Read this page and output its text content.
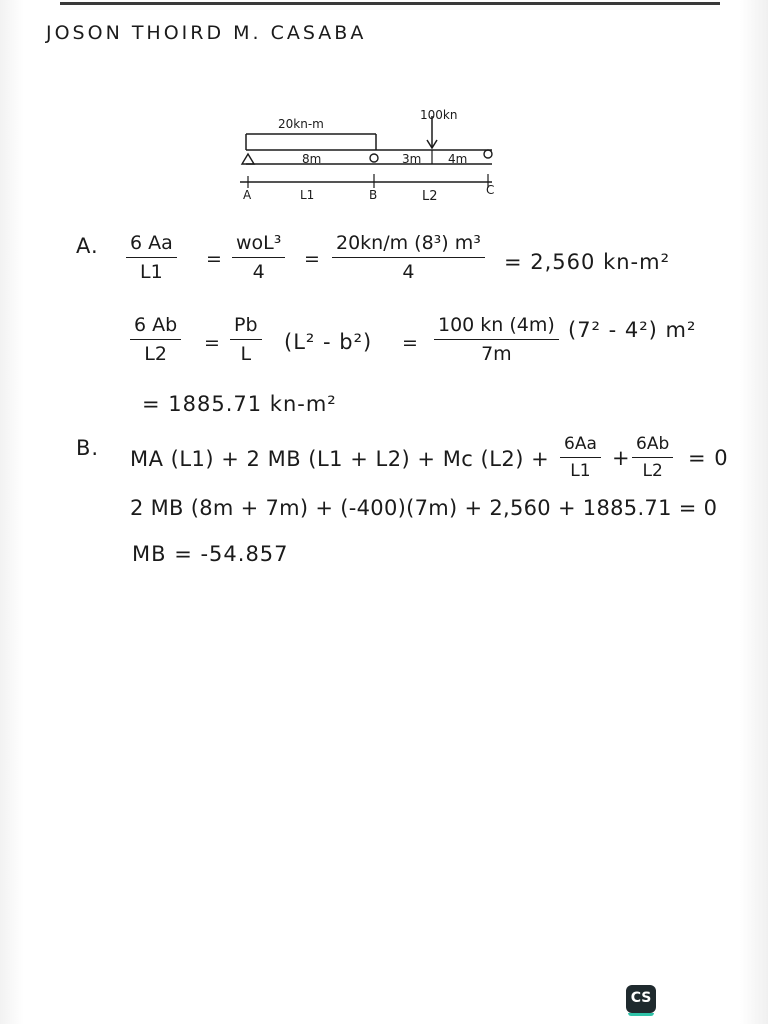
JOSON THOIRD M. CASABA
20kn-m
100kn
8m	3m 4m
A	L1	B	L2	C
A. $\frac{6 Aa}{L1}$ =
woL³
4
= $\frac{\text{20kn/m (8³) m³}}{4} = 2,560$ kn-m²
$\frac{6 Ab}{L2} = \frac{Pb}{L} (L^2 - b^2) = \frac{100 kn (4m)}{7m} (7^2 - 4^2)$ m²
= 1885.71 kn-m²
B. MA (L1) + 2 MB (L1 + L2) + Mc $(L2) + \frac{6Aa}{L1} + \frac{6Ab}{L2} = 0$
2 MB (8m + 7m) + (-400)(7m) + 2,560 + 1885.71 = 0
MB = -54.857
CS
